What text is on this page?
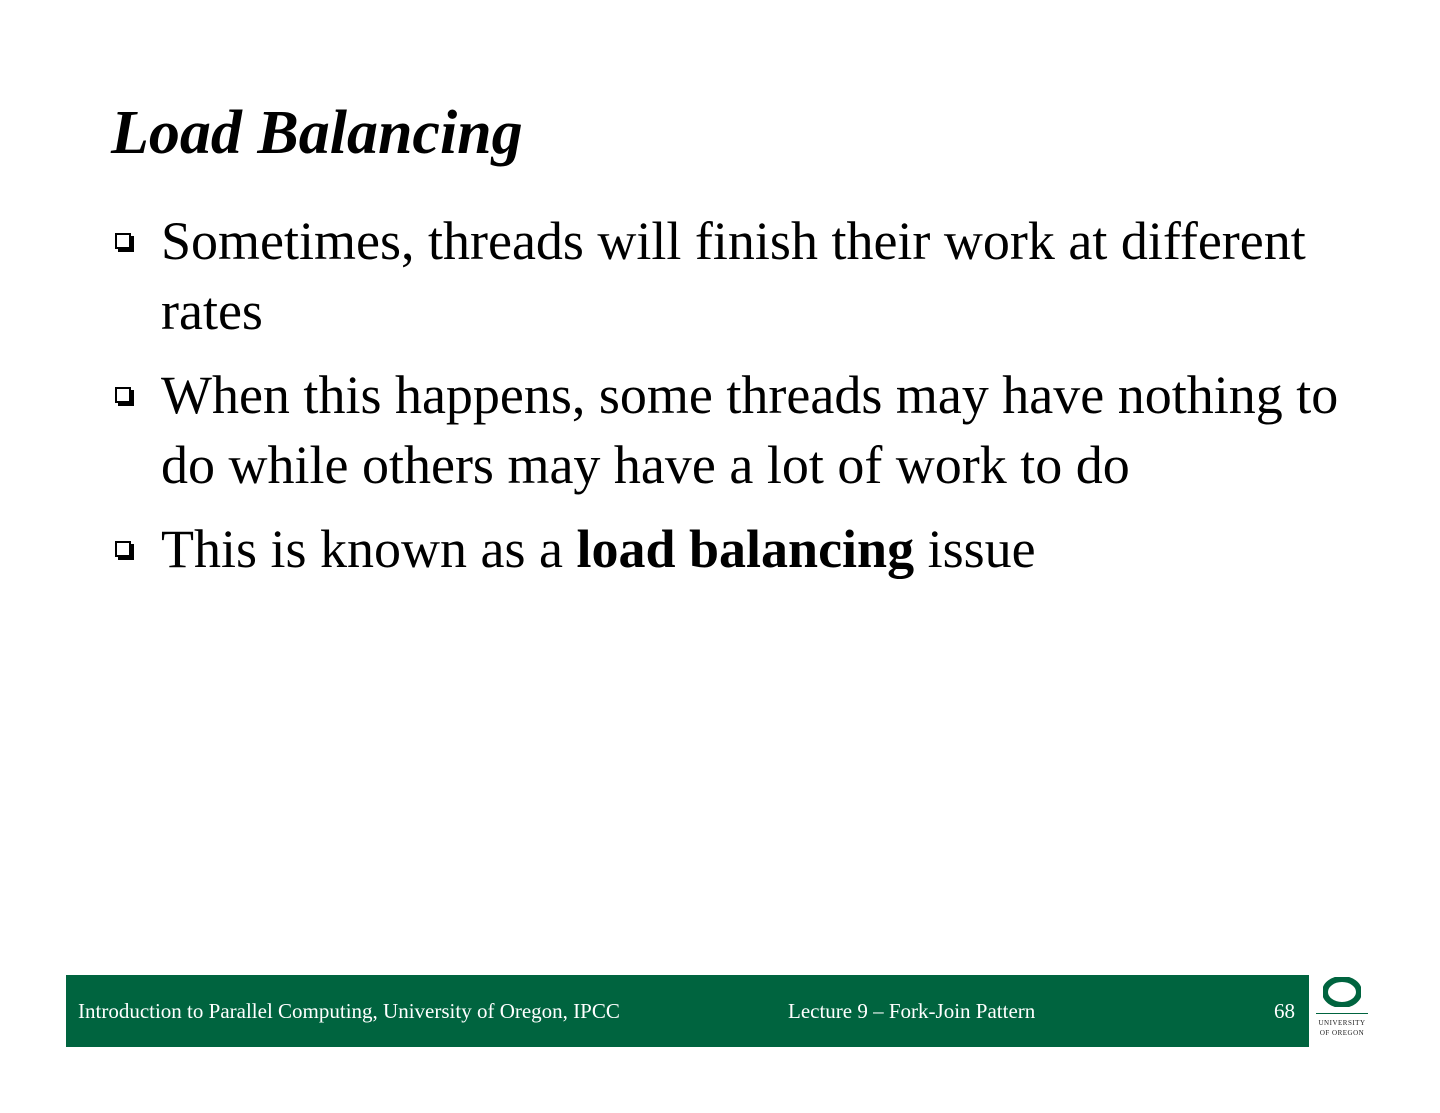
Load Balancing
Sometimes, threads will finish their work at different rates
When this happens, some threads may have nothing to do while others may have a lot of work to do
This is known as a load balancing issue
Introduction to Parallel Computing, University of Oregon, IPCC	Lecture 9 – Fork-Join Pattern	68	UNIVERSITY
OF OREGON
